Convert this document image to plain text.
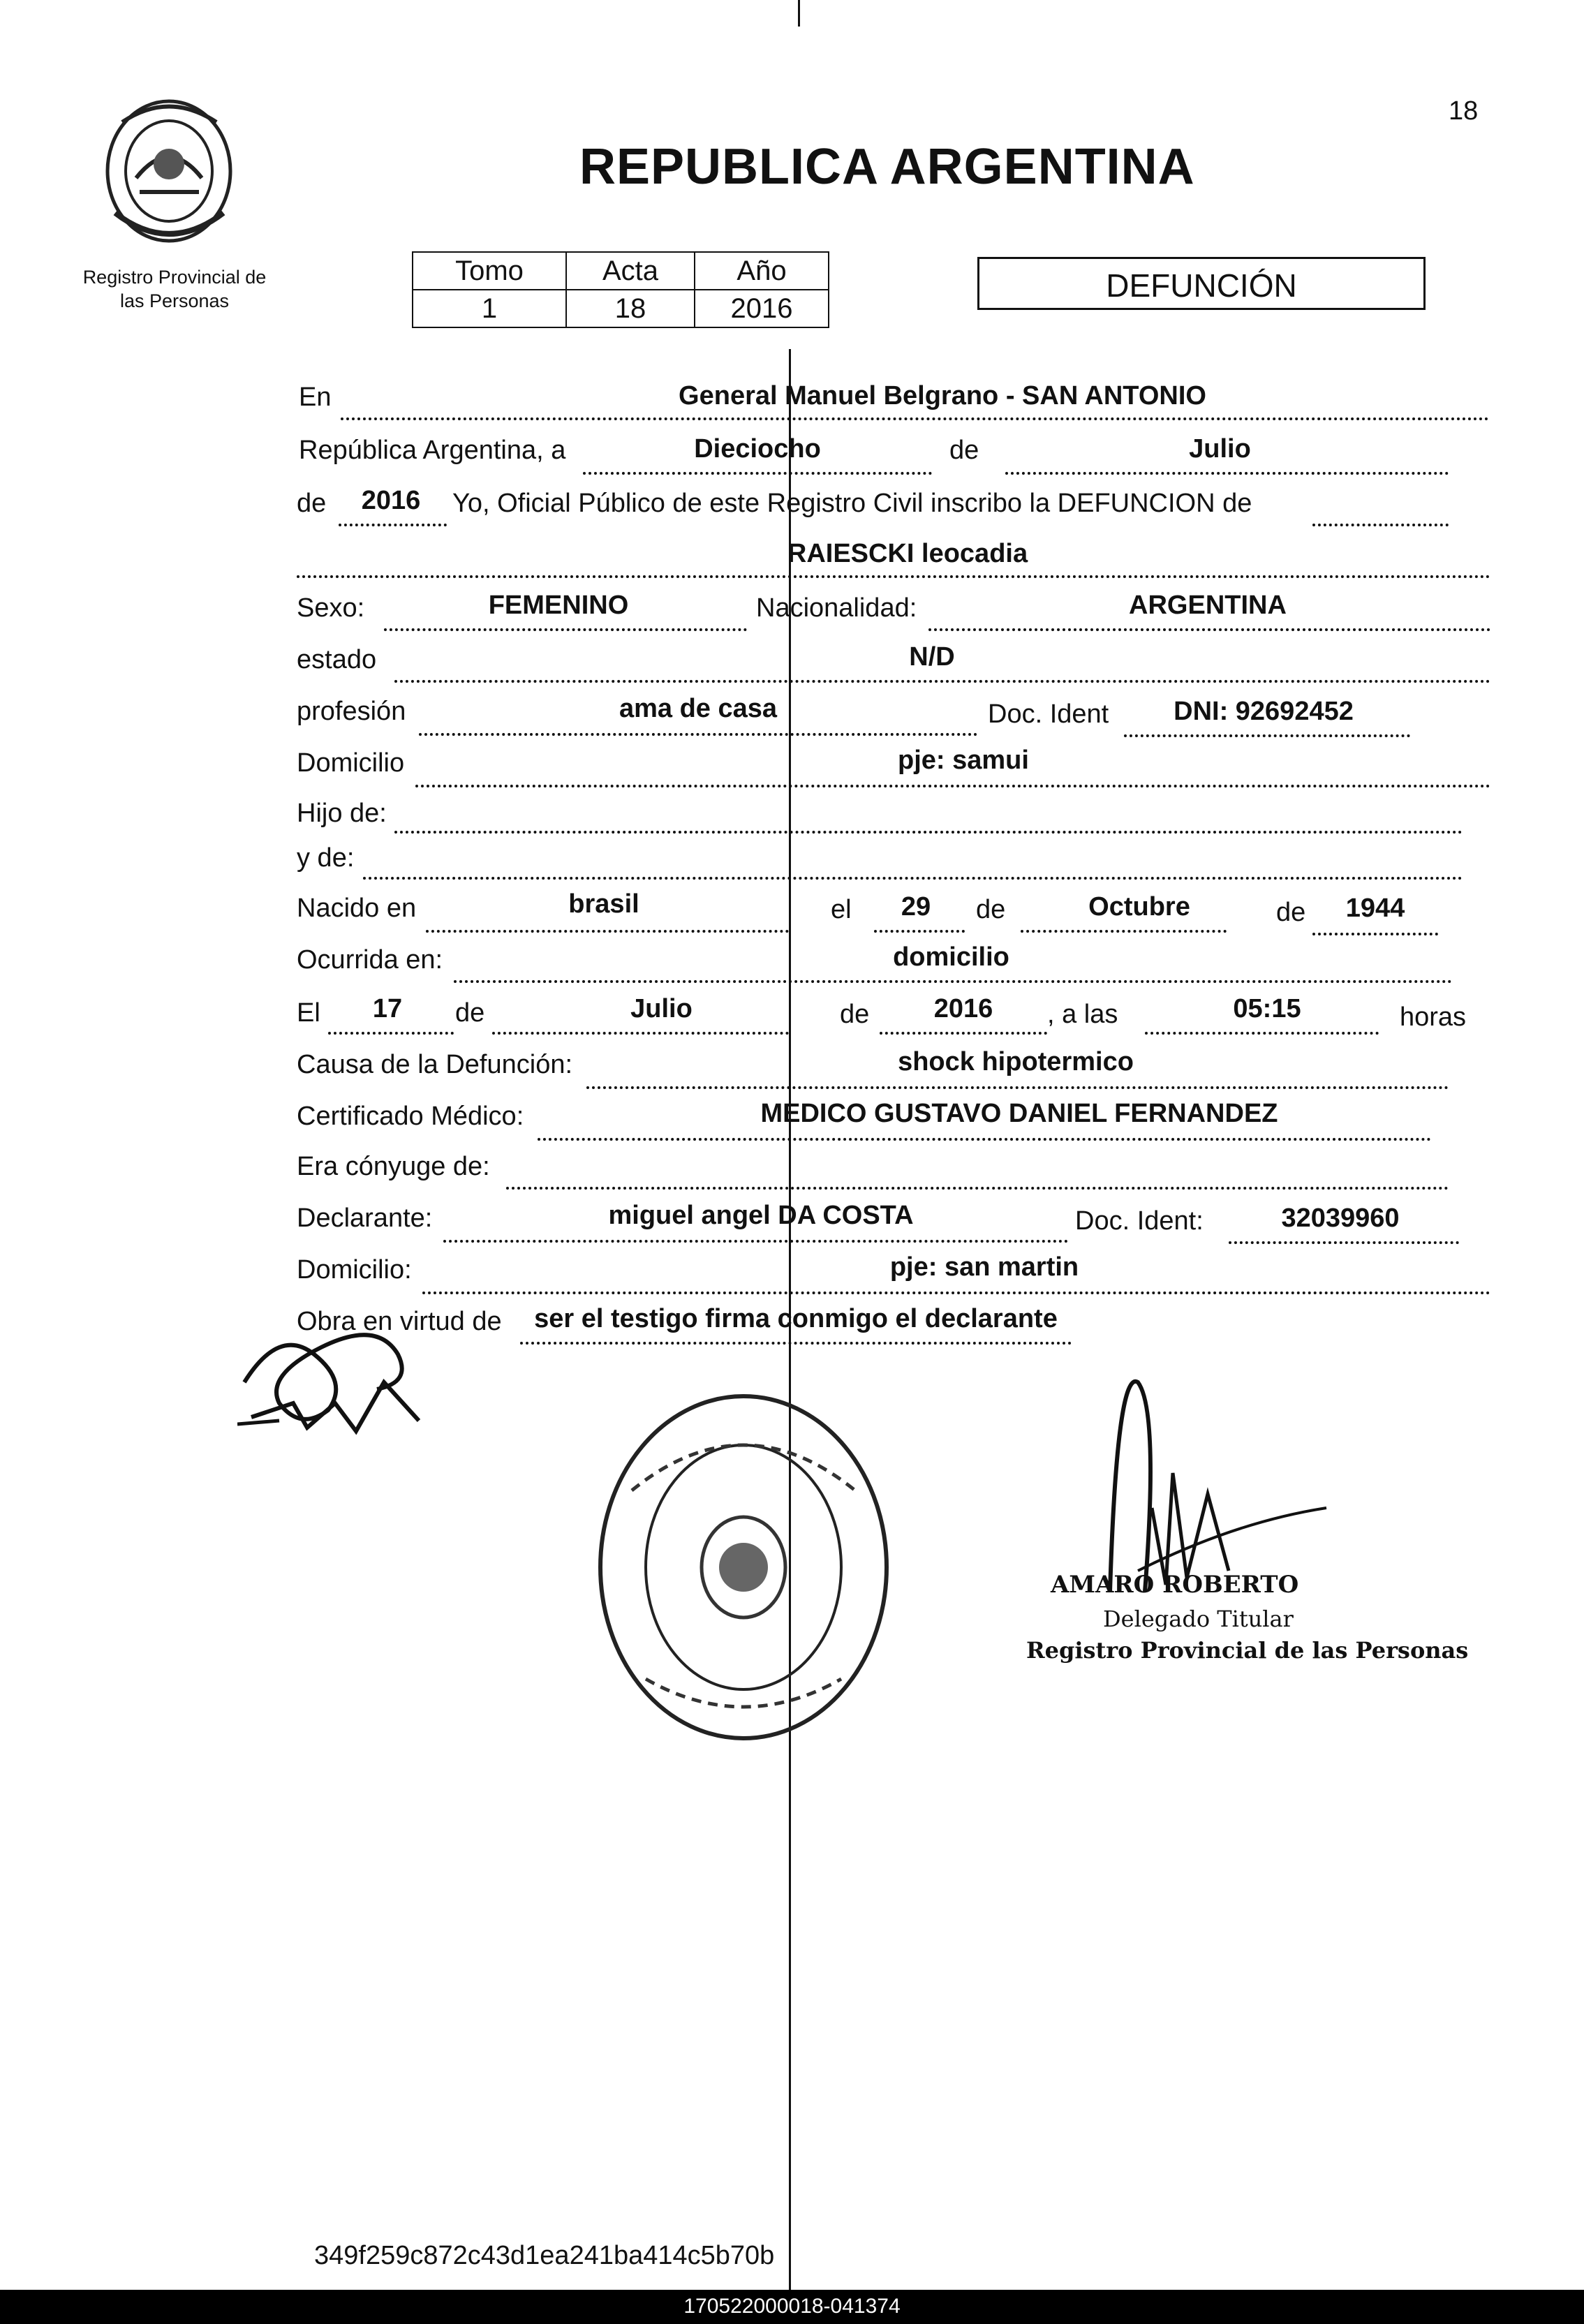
18
REPUBLICA ARGENTINA
Registro Provincial de las Personas
Tomo	Acta	Año
1	18	2016
DEFUNCIÓN
En	General Manuel Belgrano - SAN ANTONIO
República Argentina, a	Dieciocho	de	Julio
de	2016	Yo, Oficial Público de este Registro Civil inscribo la DEFUNCION de
RAIESCKI leocadia
Sexo:	FEMENINO	Nacionalidad:	ARGENTINA
estado	N/D
profesión	ama de casa	Doc. Ident	DNI: 92692452
Domicilio	pje: samui
Hijo de:
y de:
Nacido en	brasil	el	29	de	Octubre	de	1944
Ocurrida en:	domicilio
El	17	de	Julio	de	2016	, a las	05:15	horas
Causa de la Defunción:	shock hipotermico
Certificado Médico:	MEDICO GUSTAVO DANIEL FERNANDEZ
Era cónyuge de:
Declarante:	miguel angel DA COSTA	Doc. Ident:	32039960
Domicilio:	pje: san martin
Obra en virtud de	ser el testigo firma conmigo el declarante
AMARO ROBERTO
Delegado Titular
Registro Provincial de las Personas
349f259c872c43d1ea241ba414c5b70b
170522000018-041374
